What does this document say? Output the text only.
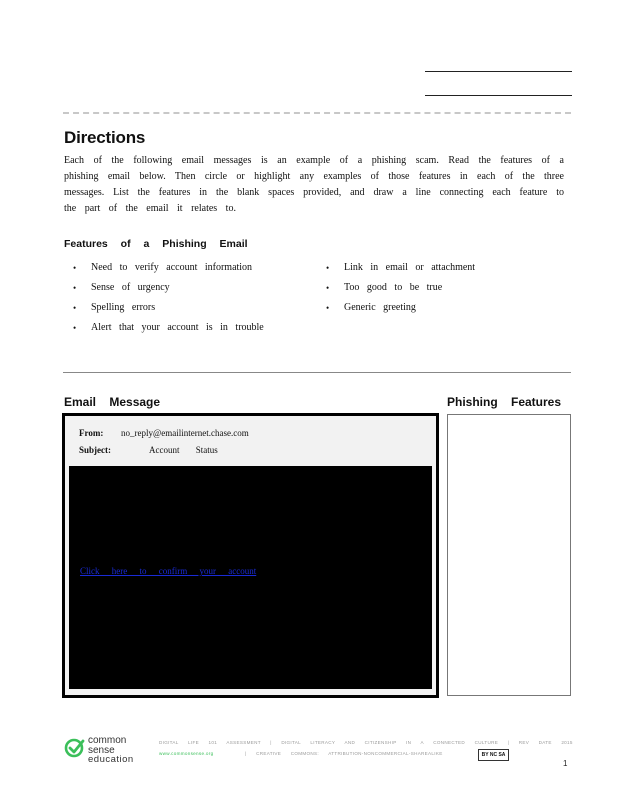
Directions
Each of the following email messages is an example of a phishing scam. Read the features of a phishing email below. Then circle or highlight any examples of those features in each of the three messages. List the features in the blank spaces provided, and draw a line connecting each feature to the part of the email it relates to.
Features of a Phishing Email
• Need to verify account information
• Sense of urgency
• Spelling errors
• Alert that your account is in trouble
• Link in email or attachment
• Too good to be true
• Generic greeting
Email Message	Phishing Features
From: no_reply@emailinternet.chase.com
Subject:	Account Status
Click here to confirm your account
common
sense
education
DIGITAL LIFE 101 ASSESSMENT | DIGITAL LITERACY AND CITIZENSHIP IN A CONNECTED CULTURE | REV DATE 2015
www.commonsense.org	| CREATIVE COMMONS: ATTRIBUTION-NONCOMMERCIAL-SHAREALIKE	BY NC SA
1
